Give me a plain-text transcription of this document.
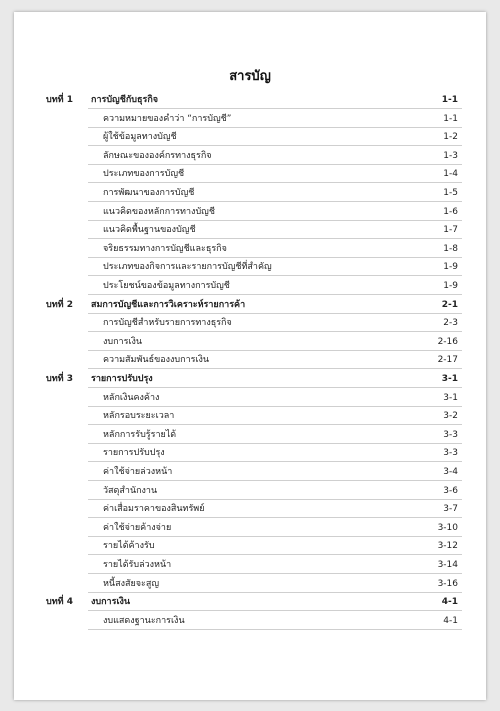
สารบัญ
บทที่ 1 การบัญชีกับธุรกิจ	1-1
ความหมายของคำว่า “การบัญชี”	1-1
ผู้ใช้ข้อมูลทางบัญชี	1-2
ลักษณะขององค์กรทางธุรกิจ	1-3
ประเภทของการบัญชี	1-4
การพัฒนาของการบัญชี	1-5
แนวคิดของหลักการทางบัญชี	1-6
แนวคิดพื้นฐานของบัญชี	1-7
จริยธรรมทางการบัญชีและธุรกิจ	1-8
ประเภทของกิจการและรายการบัญชีที่สำคัญ	1-9
ประโยชน์ของข้อมูลทางการบัญชี	1-9
บทที่ 2 สมการบัญชีและการวิเคราะห์รายการค้า	2-1
การบัญชีสำหรับรายการทางธุรกิจ	2-3
งบการเงิน	2-16
ความสัมพันธ์ของงบการเงิน	2-17
บทที่ 3 รายการปรับปรุง	3-1
หลักเงินคงค้าง	3-1
หลักรอบระยะเวลา	3-2
หลักการรับรู้รายได้	3-3
รายการปรับปรุง	3-3
ค่าใช้จ่ายล่วงหน้า	3-4
วัสดุสำนักงาน	3-6
ค่าเสื่อมราคาของสินทรัพย์	3-7
ค่าใช้จ่ายค้างจ่าย	3-10
รายได้ค้างรับ	3-12
รายได้รับล่วงหน้า	3-14
หนี้สงสัยจะสูญ	3-16
บทที่ 4 งบการเงิน	4-1
งบแสดงฐานะการเงิน	4-1
